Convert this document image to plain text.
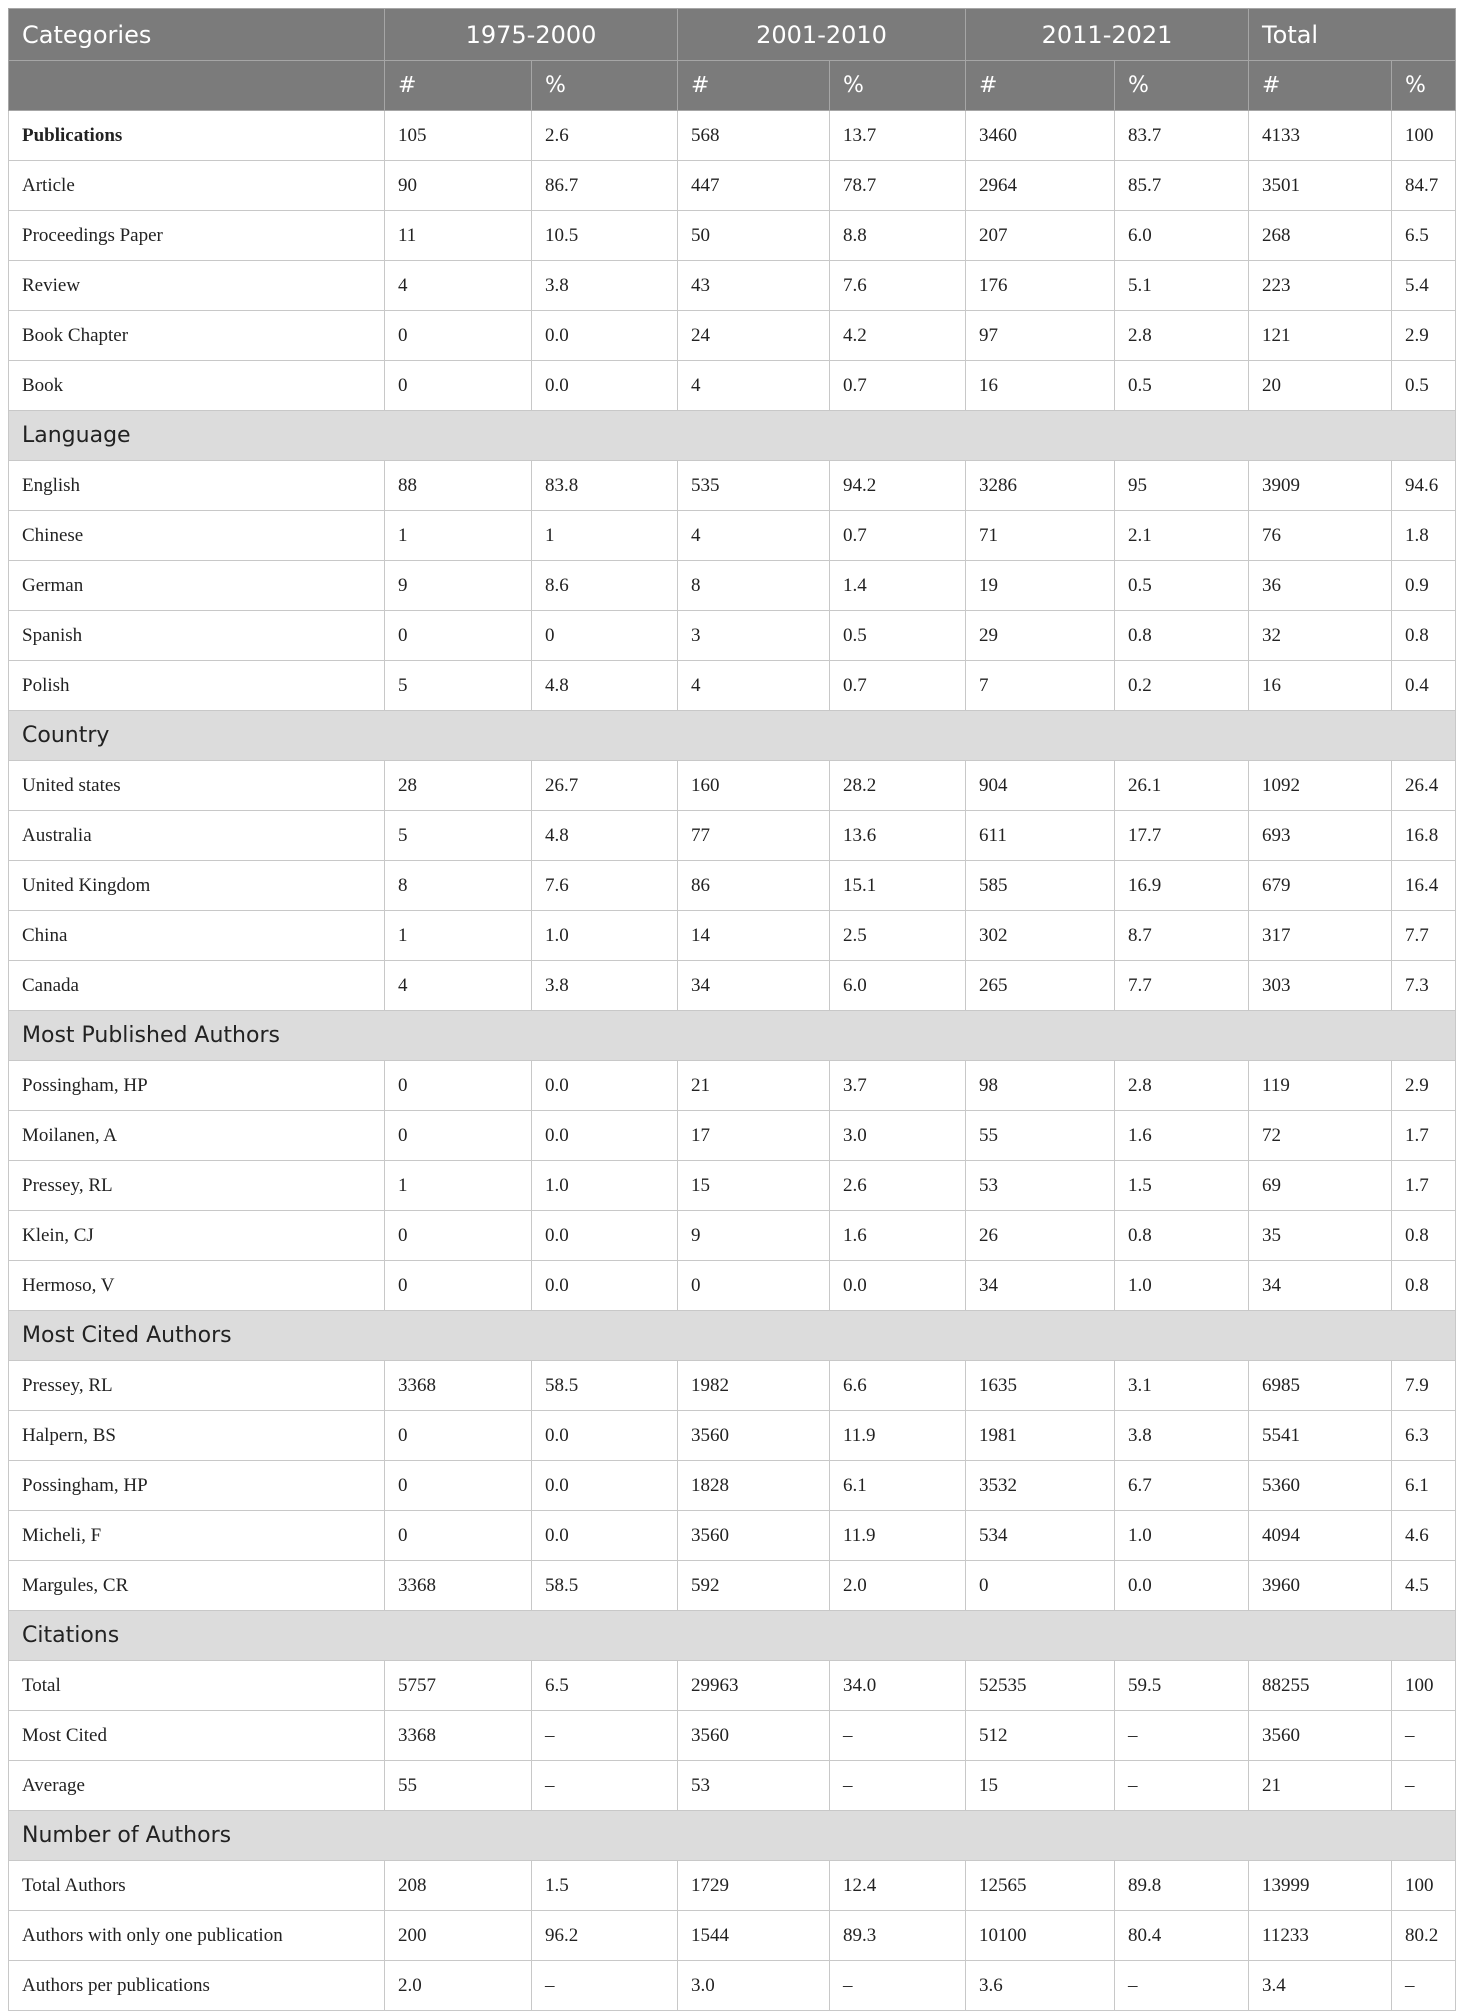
Categories	1975-2000		2001-2010		2011-2021		Total	
	#	%	#	%	#	%	#	%
Publications	105	2.6	568	13.7	3460	83.7	4133	100
Article	90	86.7	447	78.7	2964	85.7	3501	84.7
Proceedings Paper	11	10.5	50	8.8	207	6.0	268	6.5
Review	4	3.8	43	7.6	176	5.1	223	5.4
Book Chapter	0	0.0	24	4.2	97	2.8	121	2.9
Book	0	0.0	4	0.7	16	0.5	20	0.5
Language								
English	88	83.8	535	94.2	3286	95	3909	94.6
Chinese	1	1	4	0.7	71	2.1	76	1.8
German	9	8.6	8	1.4	19	0.5	36	0.9
Spanish	0	0	3	0.5	29	0.8	32	0.8
Polish	5	4.8	4	0.7	7	0.2	16	0.4
Country								
United states	28	26.7	160	28.2	904	26.1	1092	26.4
Australia	5	4.8	77	13.6	611	17.7	693	16.8
United Kingdom	8	7.6	86	15.1	585	16.9	679	16.4
China	1	1.0	14	2.5	302	8.7	317	7.7
Canada	4	3.8	34	6.0	265	7.7	303	7.3
Most Published Authors								
Possingham, HP	0	0.0	21	3.7	98	2.8	119	2.9
Moilanen, A	0	0.0	17	3.0	55	1.6	72	1.7
Pressey, RL	1	1.0	15	2.6	53	1.5	69	1.7
Klein, CJ	0	0.0	9	1.6	26	0.8	35	0.8
Hermoso, V	0	0.0	0	0.0	34	1.0	34	0.8
Most Cited Authors								
Pressey, RL	3368	58.5	1982	6.6	1635	3.1	6985	7.9
Halpern, BS	0	0.0	3560	11.9	1981	3.8	5541	6.3
Possingham, HP	0	0.0	1828	6.1	3532	6.7	5360	6.1
Micheli, F	0	0.0	3560	11.9	534	1.0	4094	4.6
Margules, CR	3368	58.5	592	2.0	0	0.0	3960	4.5
Citations								
Total	5757	6.5	29963	34.0	52535	59.5	88255	100
Most Cited	3368	–	3560	–	512	–	3560	–
Average	55	–	53	–	15	–	21	–
Number of Authors								
Total Authors	208	1.5	1729	12.4	12565	89.8	13999	100
Authors with only one publication	200	96.2	1544	89.3	10100	80.4	11233	80.2
Authors per publications	2.0	–	3.0	–	3.6	–	3.4	–
